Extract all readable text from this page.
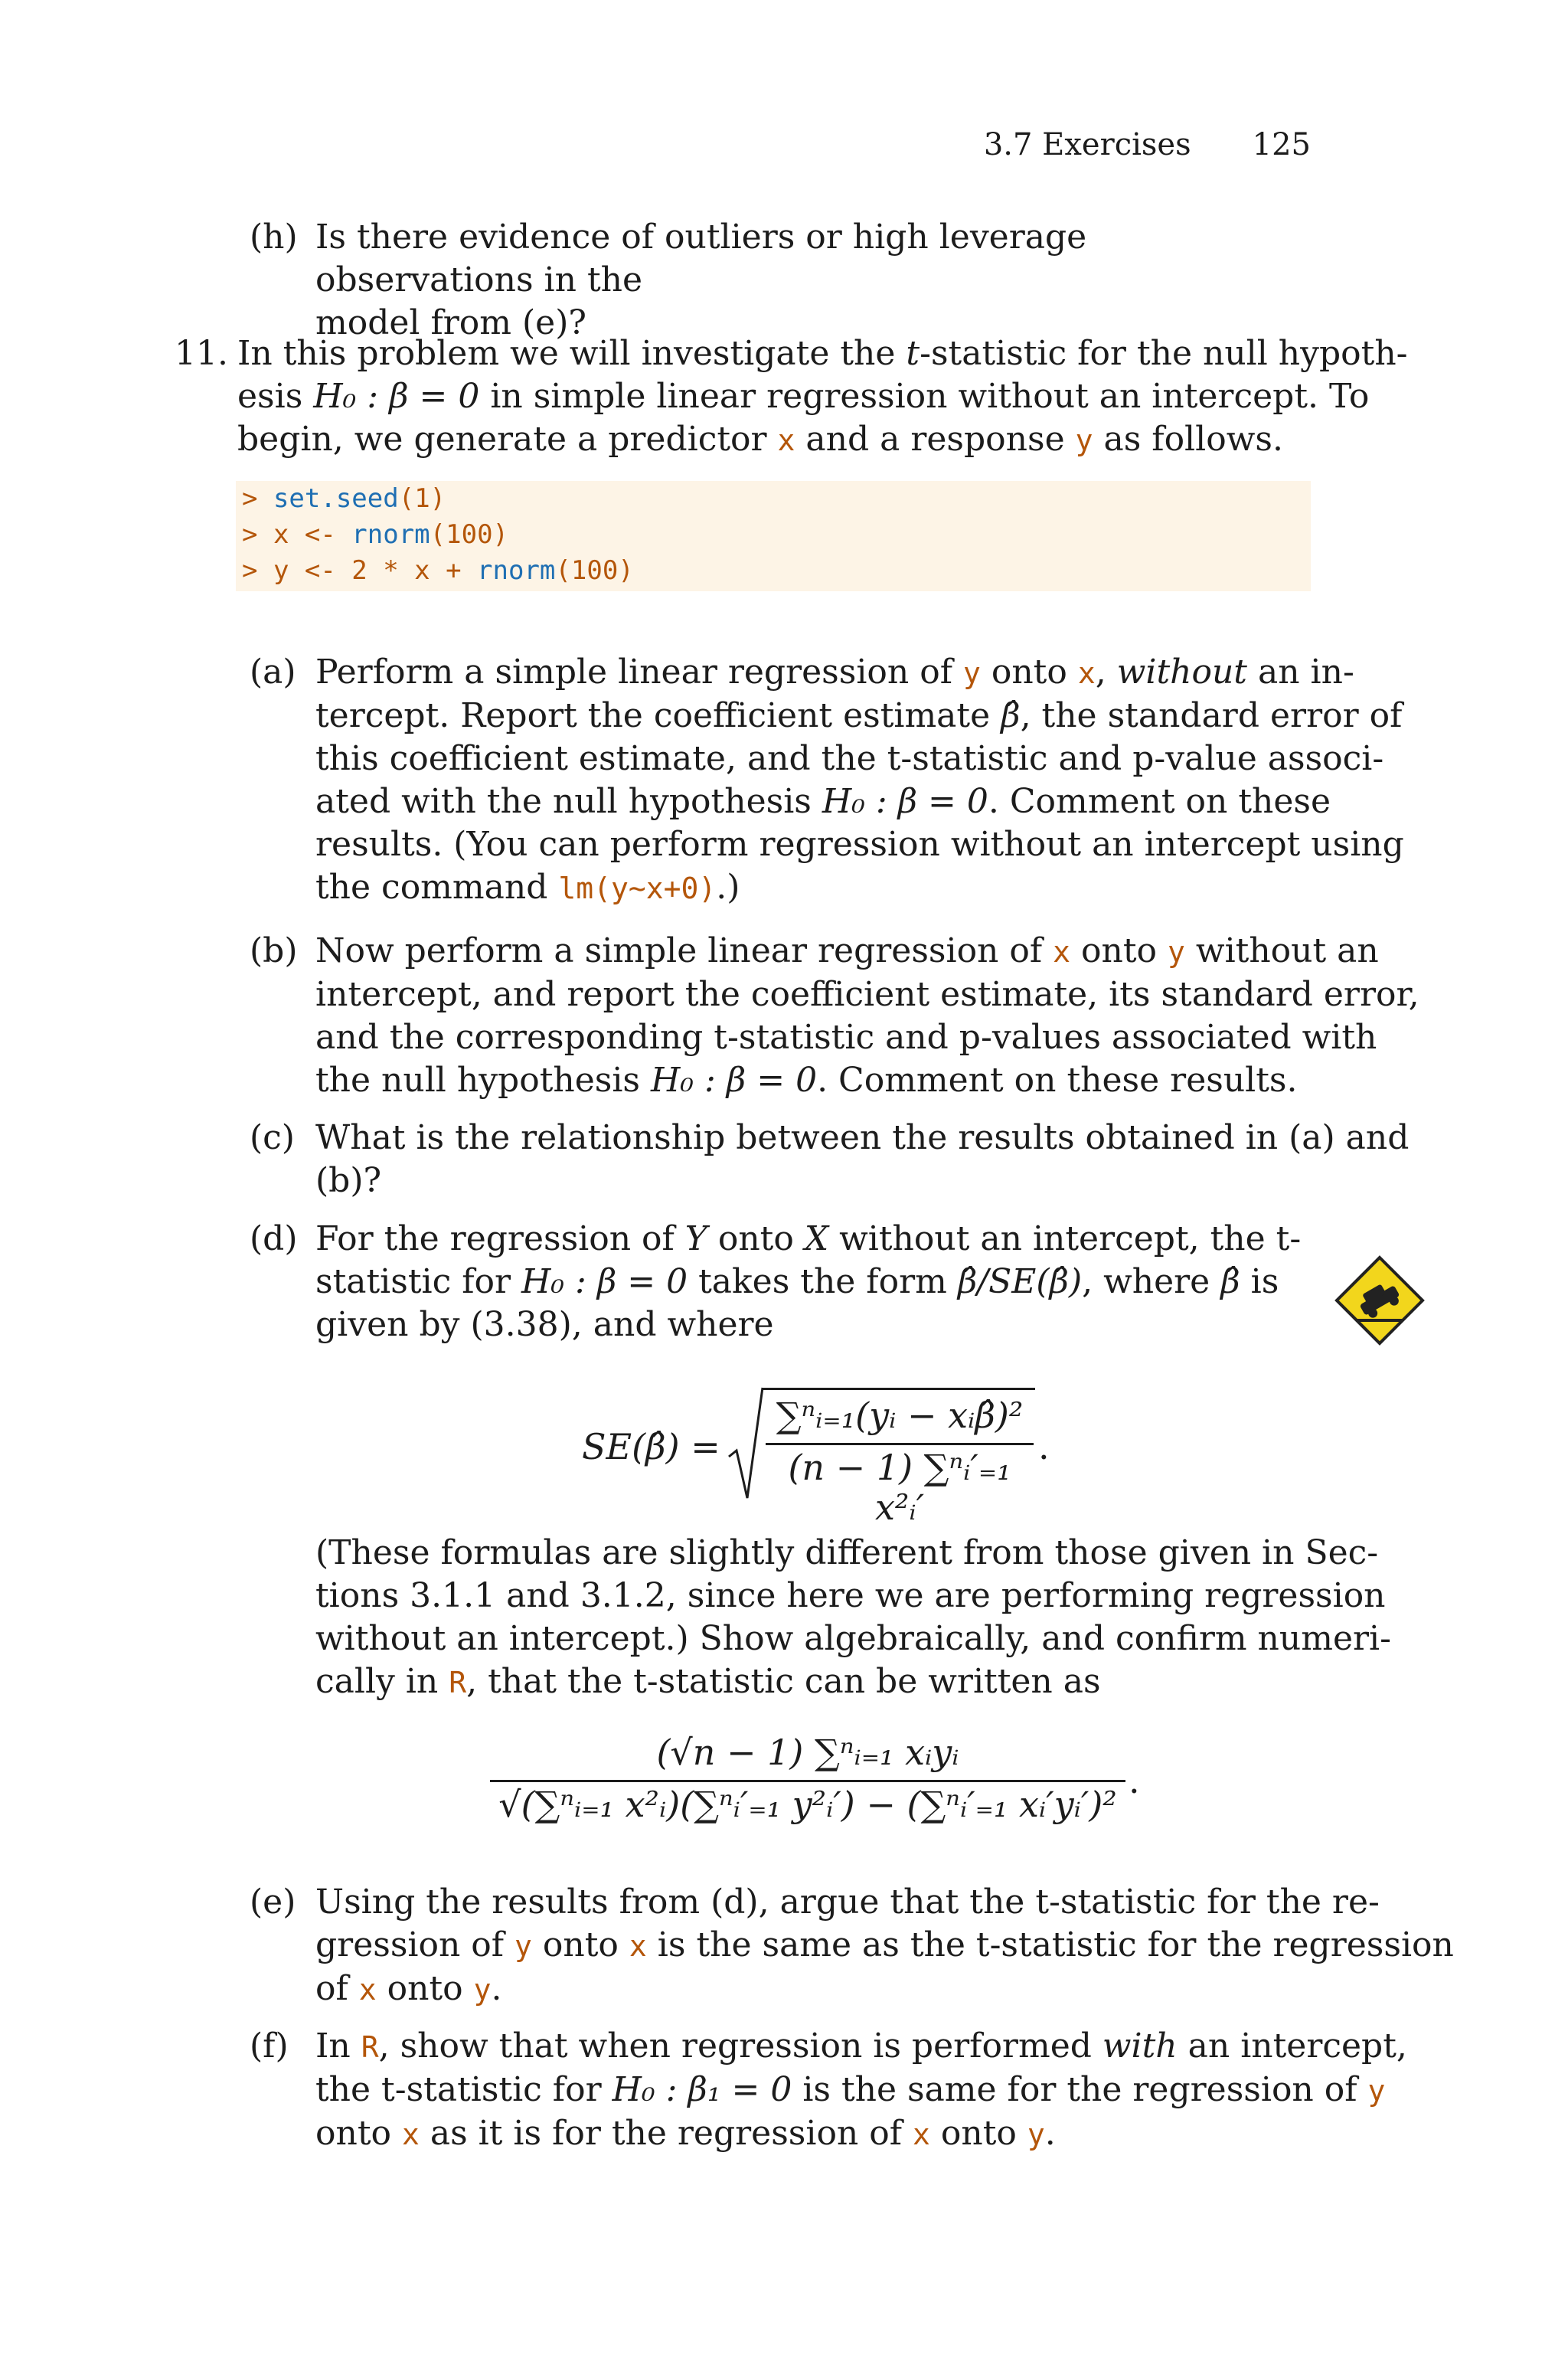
3.7 Exercises 125
(h) Is there evidence of outliers or high leverage observations in the
model from (e)?
11. In this problem we will investigate the t-statistic for the null hypoth-
esis H₀ : β = 0 in simple linear regression without an intercept. To
begin, we generate a predictor x and a response y as follows.
> set.seed(1)
> x <- rnorm(100)
> y <- 2 * x + rnorm(100)
(a) Perform a simple linear regression of y onto x, without an in-
tercept. Report the coefficient estimate β̂, the standard error of
this coefficient estimate, and the t-statistic and p-value associ-
ated with the null hypothesis H₀ : β = 0. Comment on these
results. (You can perform regression without an intercept using
the command lm(y∼x+0).)
(b) Now perform a simple linear regression of x onto y without an
intercept, and report the coefficient estimate, its standard error,
and the corresponding t-statistic and p-values associated with
the null hypothesis H₀ : β = 0. Comment on these results.
(c) What is the relationship between the results obtained in (a) and
(b)?
(d) For the regression of Y onto X without an intercept, the t-
statistic for H₀ : β = 0 takes the form β̂/SE(β̂), where β̂ is
given by (3.38), and where
SE(β̂) =
∑ⁿᵢ₌₁(yᵢ − xᵢβ̂)²
(n − 1) ∑ⁿᵢ′₌₁ x²ᵢ′
.
(These formulas are slightly different from those given in Sec-
tions 3.1.1 and 3.1.2, since here we are performing regression
without an intercept.) Show algebraically, and confirm numeri-
cally in R, that the t-statistic can be written as
(√n − 1) ∑ⁿᵢ₌₁ xᵢyᵢ
√(∑ⁿᵢ₌₁ x²ᵢ)(∑ⁿᵢ′₌₁ y²ᵢ′) − (∑ⁿᵢ′₌₁ xᵢ′yᵢ′)²
.
(e) Using the results from (d), argue that the t-statistic for the re-
gression of y onto x is the same as the t-statistic for the regression
of x onto y.
(f) In R, show that when regression is performed with an intercept,
the t-statistic for H₀ : β₁ = 0 is the same for the regression of y
onto x as it is for the regression of x onto y.
